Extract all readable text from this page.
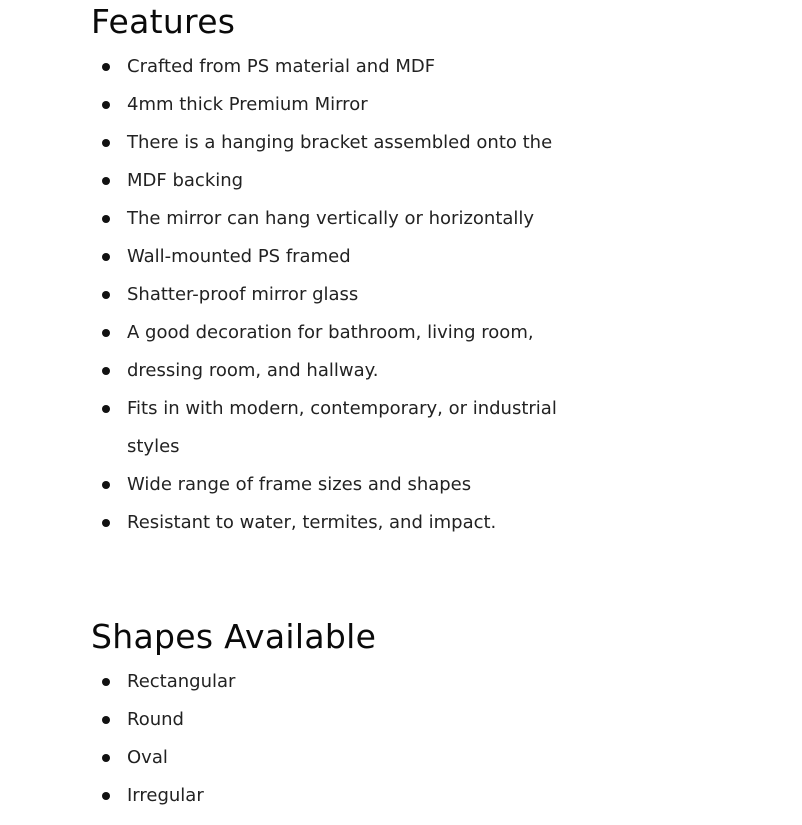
Features
Crafted from PS material and MDF
4mm thick Premium Mirror
There is a hanging bracket assembled onto the
MDF backing
The mirror can hang vertically or horizontally
Wall-mounted PS framed
Shatter-proof mirror glass
A good decoration for bathroom, living room,
dressing room, and hallway.
Fits in with modern, contemporary, or industrial styles
Wide range of frame sizes and shapes
Resistant to water, termites, and impact.
Shapes Available
Rectangular
Round
Oval
Irregular
